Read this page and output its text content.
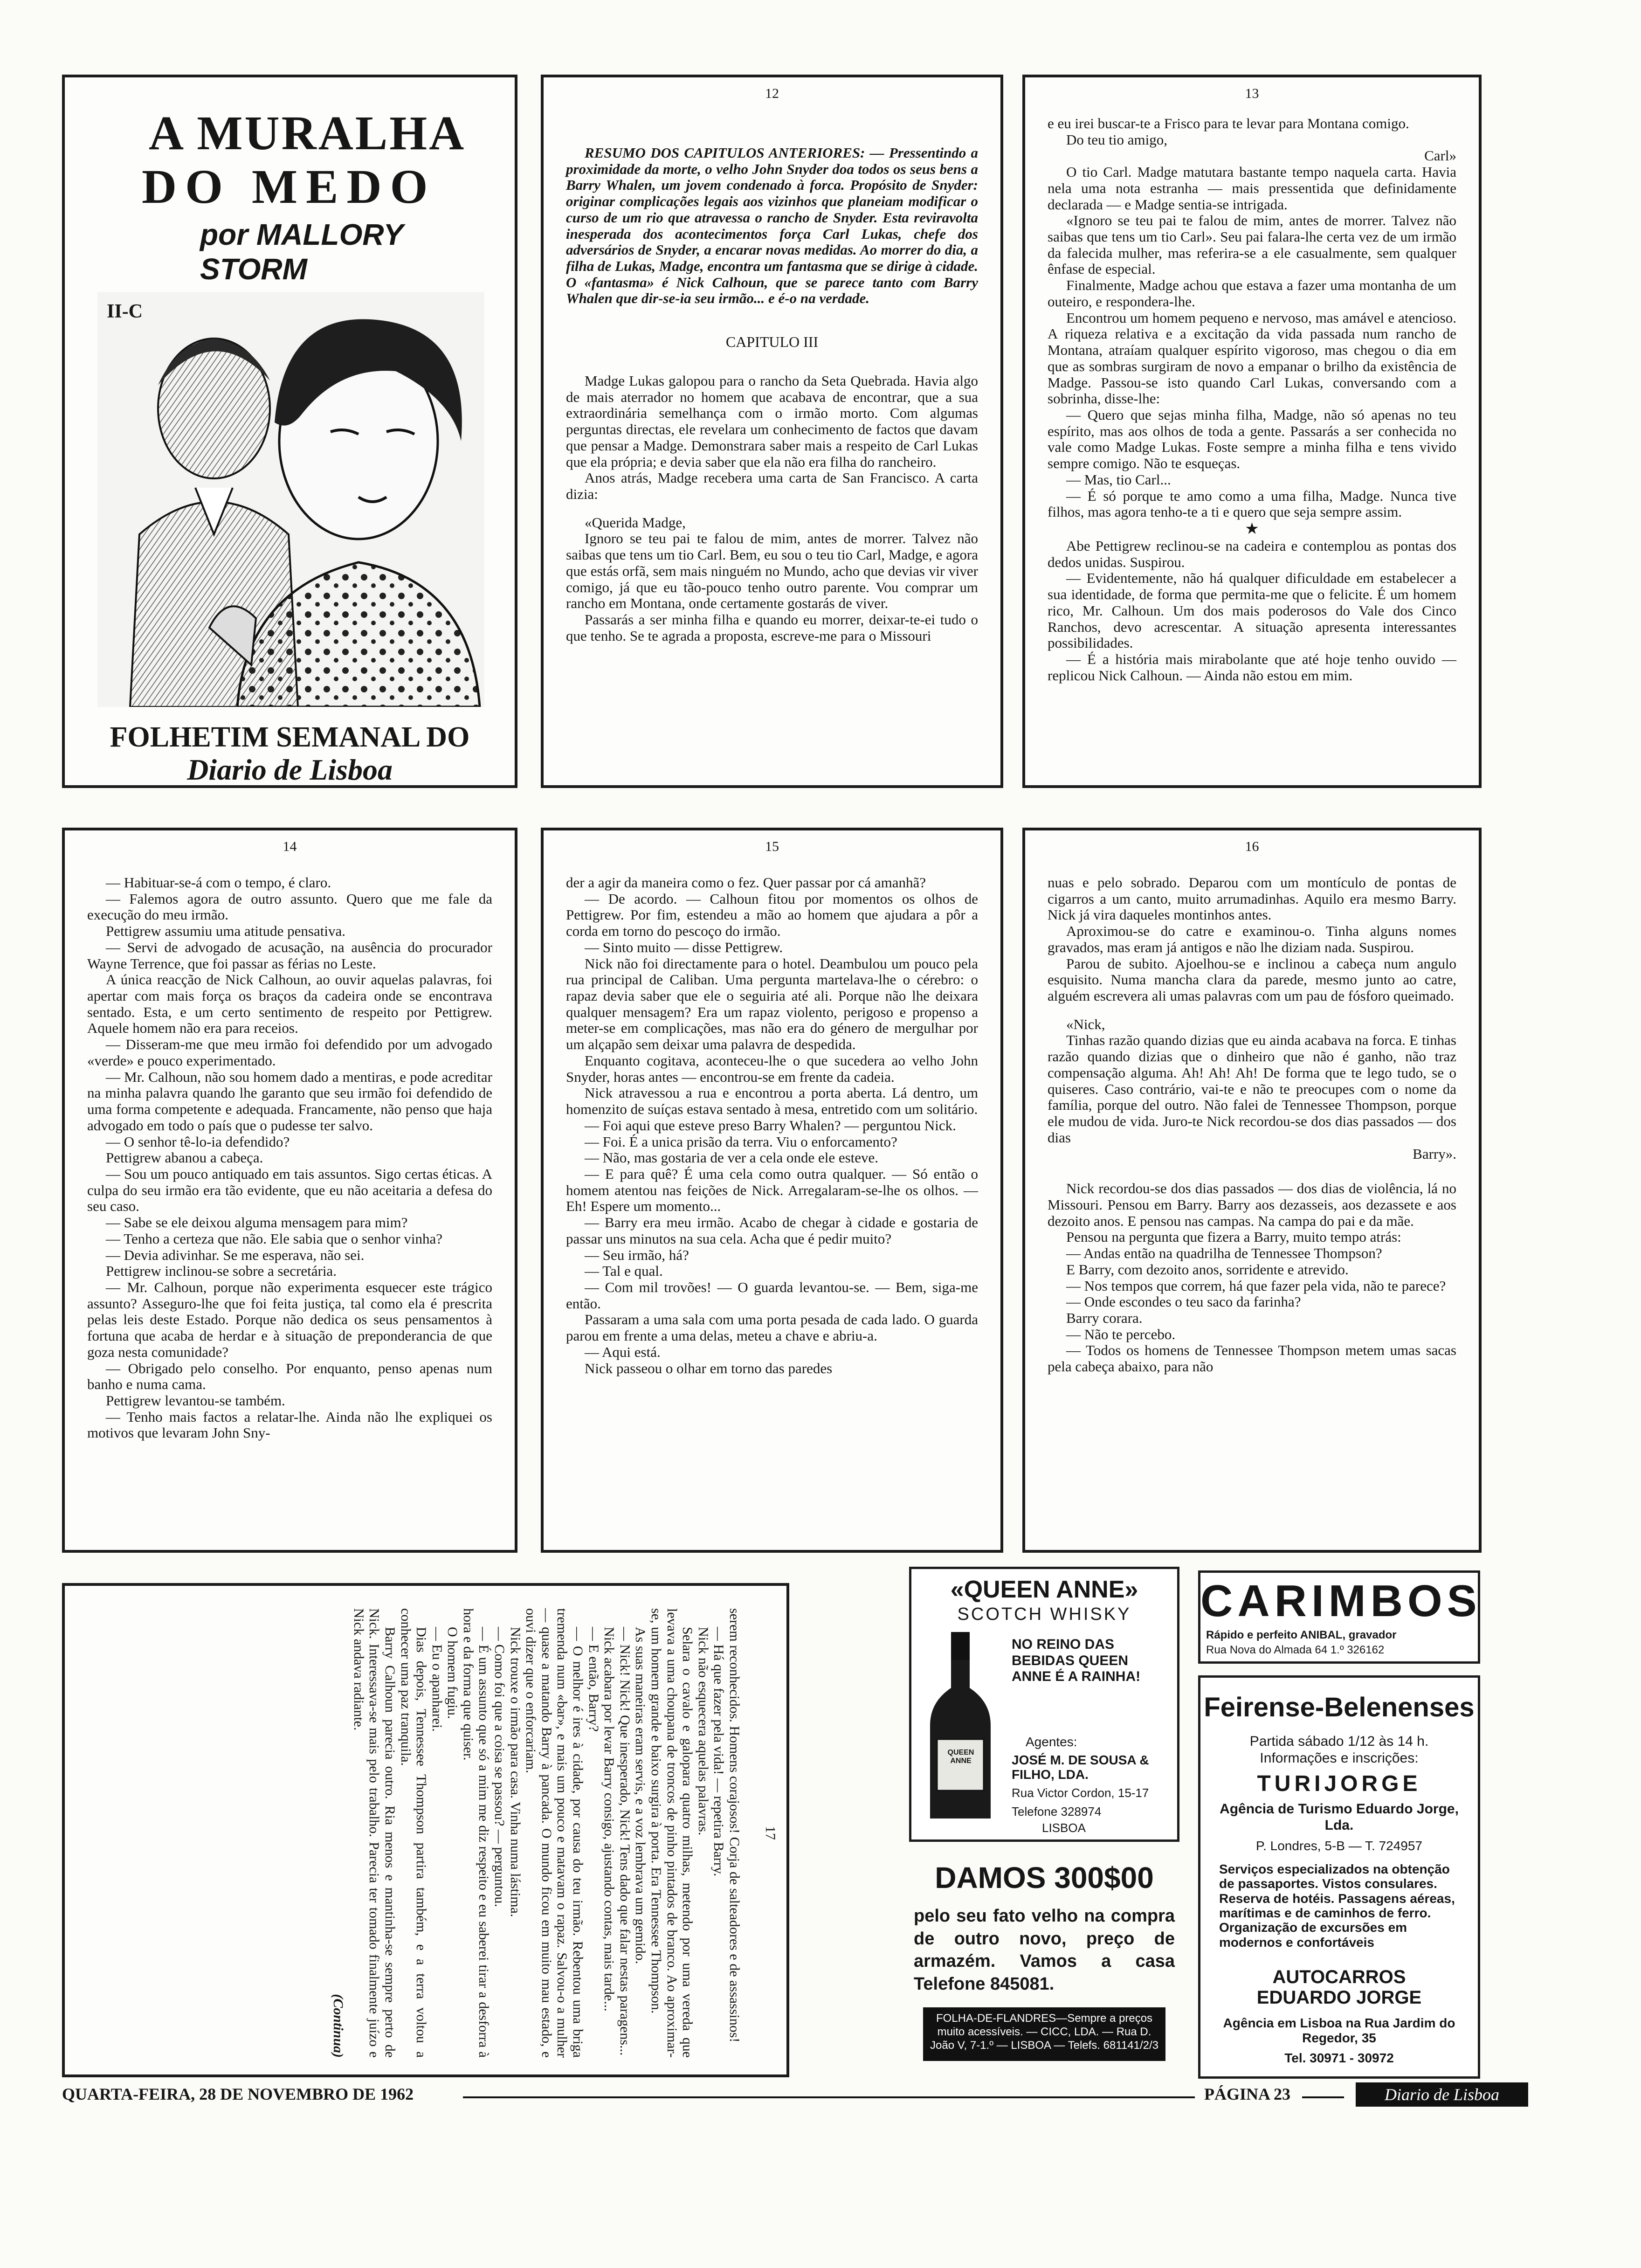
A MURALHA
DO MEDO
por MALLORY STORM
II-C
FOLHETIM SEMANAL DO
Diario de Lisboa
12

RESUMO DOS CAPITULOS ANTERIORES: — Pressentindo a proximidade da morte, o velho John Snyder doa todos os seus bens a Barry Whalen, um jovem condenado à forca. Propósito de Snyder: originar complicações legais aos vizinhos que planeiam modificar o curso de um rio que atravessa o rancho de Snyder. Esta reviravolta inesperada dos acontecimentos força Carl Lukas, chefe dos adversários de Snyder, a encarar novas medidas. Ao morrer do dia, a filha de Lukas, Madge, encontra um fantasma que se dirige à cidade. O «fantasma» é Nick Calhoun, que se parece tanto com Barry Whalen que dir-se-ia seu irmão... e é-o na verdade.

CAPITULO III

Madge Lukas galopou para o rancho da Seta Quebrada. Havia algo de mais aterrador no homem que acabava de encontrar, que a sua extraordinária semelhança com o irmão morto. Com algumas perguntas directas, ele revelara um conhecimento de factos que davam que pensar a Madge. Demonstrara saber mais a respeito de Carl Lukas que ela própria; e devia saber que ela não era filha do rancheiro.

Anos atrás, Madge recebera uma carta de San Francisco. A carta dizia:

«Querida Madge,

Ignoro se teu pai te falou de mim, antes de morrer. Talvez não saibas que tens um tio Carl. Bem, eu sou o teu tio Carl, Madge, e agora que estás orfã, sem mais ninguém no Mundo, acho que devias vir viver comigo, já que eu tão-pouco tenho outro parente. Vou comprar um rancho em Montana, onde certamente gostarás de viver.

Passarás a ser minha filha e quando eu morrer, deixar-te-ei tudo o que tenho. Se te agrada a proposta, escreve-me para o Missouri

13

e eu irei buscar-te a Frisco para te levar para Montana comigo.

Do teu tio amigo,

Carl»

O tio Carl. Madge matutara bastante tempo naquela carta. Havia nela uma nota estranha — mais pressentida que definidamente declarada — e Madge sentia-se intrigada.

«Ignoro se teu pai te falou de mim, antes de morrer. Talvez não saibas que tens um tio Carl». Seu pai falara-lhe certa vez de um irmão da falecida mulher, mas referira-se a ele casualmente, sem qualquer ênfase de especial.

Finalmente, Madge achou que estava a fazer uma montanha de um outeiro, e respondera-lhe.

Encontrou um homem pequeno e nervoso, mas amável e atencioso. A riqueza relativa e a excitação da vida passada num rancho de Montana, atraíam qualquer espírito vigoroso, mas chegou o dia em que as sombras surgiram de novo a empanar o brilho da existência de Madge. Passou-se isto quando Carl Lukas, conversando com a sobrinha, disse-lhe:

— Quero que sejas minha filha, Madge, não só apenas no teu espírito, mas aos olhos de toda a gente. Passarás a ser conhecida no vale como Madge Lukas. Foste sempre a minha filha e tens vivido sempre comigo. Não te esqueças.

— Mas, tio Carl...

— É só porque te amo como a uma filha, Madge. Nunca tive filhos, mas agora tenho-te a ti e quero que seja sempre assim.

★

Abe Pettigrew reclinou-se na cadeira e contemplou as pontas dos dedos unidas. Suspirou.

— Evidentemente, não há qualquer dificuldade em estabelecer a sua identidade, de forma que permita-me que o felicite. É um homem rico, Mr. Calhoun. Um dos mais poderosos do Vale dos Cinco Ranchos, devo acrescentar. A situação apresenta interessantes possibilidades.

— É a história mais mirabolante que até hoje tenho ouvido — replicou Nick Calhoun. — Ainda não estou em mim.

14

— Habituar-se-á com o tempo, é claro.

— Falemos agora de outro assunto. Quero que me fale da execução do meu irmão.

Pettigrew assumiu uma atitude pensativa.

— Servi de advogado de acusação, na ausência do procurador Wayne Terrence, que foi passar as férias no Leste.

A única reacção de Nick Calhoun, ao ouvir aquelas palavras, foi apertar com mais força os braços da cadeira onde se encontrava sentado. Esta, e um certo sentimento de respeito por Pettigrew. Aquele homem não era para receios.

— Disseram-me que meu irmão foi defendido por um advogado «verde» e pouco experimentado.

— Mr. Calhoun, não sou homem dado a mentiras, e pode acreditar na minha palavra quando lhe garanto que seu irmão foi defendido de uma forma competente e adequada. Francamente, não penso que haja advogado em todo o país que o pudesse ter salvo.

— O senhor tê-lo-ia defendido?

Pettigrew abanou a cabeça.

— Sou um pouco antiquado em tais assuntos. Sigo certas éticas. A culpa do seu irmão era tão evidente, que eu não aceitaria a defesa do seu caso.

— Sabe se ele deixou alguma mensagem para mim?

— Tenho a certeza que não. Ele sabia que o senhor vinha?

— Devia adivinhar. Se me esperava, não sei.

Pettigrew inclinou-se sobre a secretária.

— Mr. Calhoun, porque não experimenta esquecer este trágico assunto? Asseguro-lhe que foi feita justiça, tal como ela é prescrita pelas leis deste Estado. Porque não dedica os seus pensamentos à fortuna que acaba de herdar e à situação de preponderancia de que goza nesta comunidade?

— Obrigado pelo conselho. Por enquanto, penso apenas num banho e numa cama.

Pettigrew levantou-se também.

— Tenho mais factos a relatar-lhe. Ainda não lhe expliquei os motivos que levaram John Sny-

15

der a agir da maneira como o fez. Quer passar por cá amanhã?

— De acordo. — Calhoun fitou por momentos os olhos de Pettigrew. Por fim, estendeu a mão ao homem que ajudara a pôr a corda em torno do pescoço do irmão.

— Sinto muito — disse Pettigrew.

Nick não foi directamente para o hotel. Deambulou um pouco pela rua principal de Caliban. Uma pergunta martelava-lhe o cérebro: o rapaz devia saber que ele o seguiria até ali. Porque não lhe deixara qualquer mensagem? Era um rapaz violento, perigoso e propenso a meter-se em complicações, mas não era do género de mergulhar por um alçapão sem deixar uma palavra de despedida.

Enquanto cogitava, aconteceu-lhe o que sucedera ao velho John Snyder, horas antes — encontrou-se em frente da cadeia.

Nick atravessou a rua e encontrou a porta aberta. Lá dentro, um homenzito de suíças estava sentado à mesa, entretido com um solitário.

— Foi aqui que esteve preso Barry Whalen? — perguntou Nick.

— Foi. É a unica prisão da terra. Viu o enforcamento?

— Não, mas gostaria de ver a cela onde ele esteve.

— E para quê? É uma cela como outra qualquer. — Só então o homem atentou nas feições de Nick. Arregalaram-se-lhe os olhos. — Eh! Espere um momento...

— Barry era meu irmão. Acabo de chegar à cidade e gostaria de passar uns minutos na sua cela. Acha que é pedir muito?

— Seu irmão, há?

— Tal e qual.

— Com mil trovões! — O guarda levantou-se. — Bem, siga-me então.

Passaram a uma sala com uma porta pesada de cada lado. O guarda parou em frente a uma delas, meteu a chave e abriu-a.

— Aqui está.

Nick passeou o olhar em torno das paredes

16

nuas e pelo sobrado. Deparou com um montículo de pontas de cigarros a um canto, muito arrumadinhas. Aquilo era mesmo Barry. Nick já vira daqueles montinhos antes.

Aproximou-se do catre e examinou-o. Tinha alguns nomes gravados, mas eram já antigos e não lhe diziam nada. Suspirou.

Parou de subito. Ajoelhou-se e inclinou a cabeça num angulo esquisito. Numa mancha clara da parede, mesmo junto ao catre, alguém escrevera ali umas palavras com um pau de fósforo queimado.

«Nick,

Tinhas razão quando dizias que eu ainda acabava na forca. E tinhas razão quando dizias que o dinheiro que não é ganho, não traz compensação alguma. Ah! Ah! Ah! De forma que te lego tudo, se o quiseres. Caso contrário, vai-te e não te preocupes com o nome da família, porque del outro. Não falei de Tennessee Thompson, porque ele mudou de vida. Juro-te Nick recordou-se dos dias passados — dos dias

Barry».

Nick recordou-se dos dias passados — dos dias de violência, lá no Missouri. Pensou em Barry. Barry aos dezasseis, aos dezassete e aos dezoito anos. E pensou nas campas. Na campa do pai e da mãe.

Pensou na pergunta que fizera a Barry, muito tempo atrás:

— Andas então na quadrilha de Tennessee Thompson?

E Barry, com dezoito anos, sorridente e atrevido.

— Nos tempos que correm, há que fazer pela vida, não te parece?

— Onde escondes o teu saco da farinha?

Barry corara.

— Não te percebo.

— Todos os homens de Tennessee Thompson metem umas sacas pela cabeça abaixo, para não

17

serem reconhecidos. Homens corajosos! Corja de salteadores e de assassinos!

— Há que fazer pela vida! — repetira Barry.

Nick não esquecera aquelas palavras.

Selara o cavalo e galopara quatro milhas, metendo por uma vereda que levava a uma choupana de troncos de pinho pintados de branco. Ao aproximar-se, um homem grande e baixo surgira à porta. Era Tennessee Thompson.

As suas maneiras eram servis, e a voz lembrava um gemido.

— Nick! Nick! Que inesperado, Nick! Tens dado que falar nestas paragens...

Nick acabara por levar Barry consigo, ajustando contas, mais tarde...

— E então, Barry?

— O melhor é ires à cidade, por causa do teu irmão. Rebentou uma briga tremenda num «bar», e mais um pouco e matavam o rapaz. Salvou-o a mulher — quase a matando Barry à pancada. O mundo ficou em muito mau estado, e ouvi dizer que o enforcariam.

Nick trouxe o irmão para casa. Vinha numa lástima.

— Como foi que a coisa se passou? — perguntou.

— É um assunto que só a mim me diz respeito e eu saberei tirar a desforra à hora e da forma que quiser.

O homem fugiu.

— Eu o apanharei.

Dias depois, Tennessee Thompson partira também, e a terra voltou a conhecer uma paz tranquila.

Barry Calhoun parecia outro. Ria menos e mantinha-se sempre perto de Nick. Interessava-se mais pelo trabalho. Parecia ter tomado finalmente juízo e Nick andava radiante.

(Continua)
«QUEEN ANNE»
SCOTCH WHISKY
QUEEN ANNE
NO REINO DAS BEBIDAS QUEEN ANNE É A RAINHA!
Agentes:
JOSÉ M. DE SOUSA & FILHO, LDA.
Rua Victor Cordon, 15-17
Telefone 328974
LISBOA
DAMOS 300$00
pelo seu fato velho na compra de outro novo, preço de armazém. Vamos a casa Telefone 845081.
FOLHA-DE-FLANDRES—Sempre a preços muito acessíveis. — CICC, LDA. — Rua D. João V, 7-1.º — LISBOA — Telefs. 681141/2/3
CARIMBOS
Rápido e perfeito ANIBAL, gravador
Rua Nova do Almada 64 1.º 326162
Feirense-Belenenses
Partida sábado 1/12 às 14 h.
Informações e inscrições:
TURIJORGE
Agência de Turismo Eduardo Jorge, Lda.
P. Londres, 5-B — T. 724957
Serviços especializados na obtenção de passaportes. Vistos consulares. Reserva de hotéis. Passagens aéreas, marítimas e de caminhos de ferro. Organização de excursões em modernos e confortáveis
AUTOCARROS EDUARDO JORGE
Agência em Lisboa na Rua Jardim do Regedor, 35
Tel. 30971 - 30972
QUARTA-FEIRA, 28 DE NOVEMBRO DE 1962	PÁGINA 23	Diario de Lisboa
